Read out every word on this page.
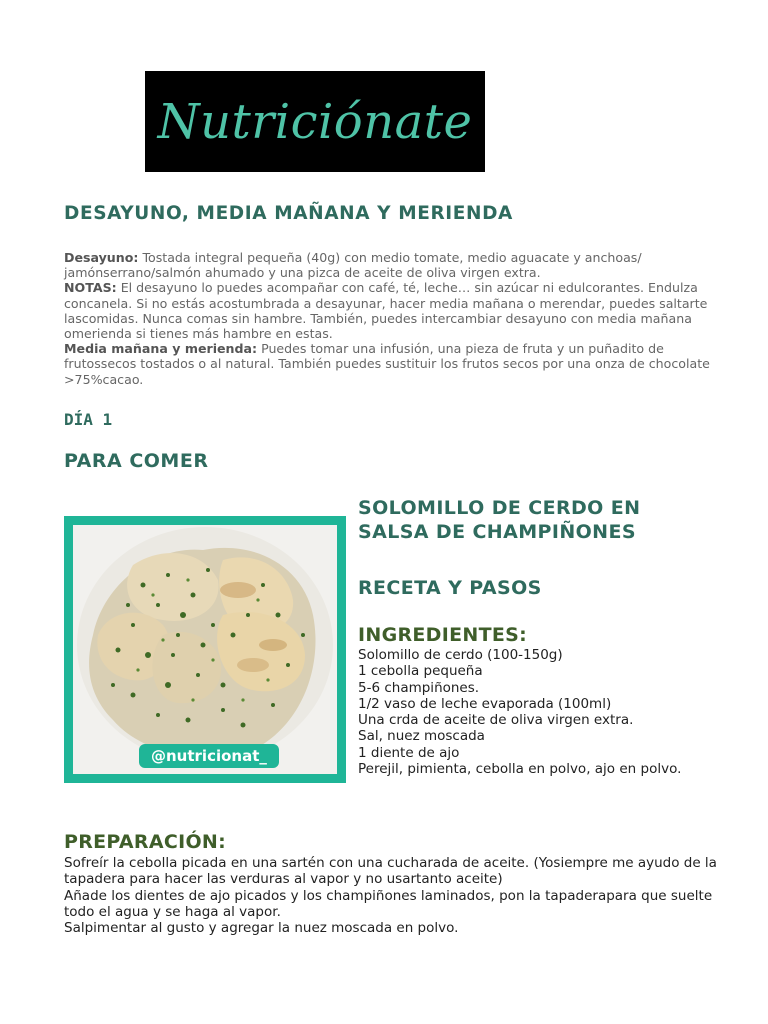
Nutriciónate
DESAYUNO, MEDIA MAÑANA Y MERIENDA
Desayuno: Tostada integral pequeña (40g) con medio tomate, medio aguacate y anchoas/ jamónserrano/salmón ahumado y una pizca de aceite de oliva virgen extra.
NOTAS: El desayuno lo puedes acompañar con café, té, leche… sin azúcar ni edulcorantes. Endulza concanela. Si no estás acostumbrada a desayunar, hacer media mañana o merendar, puedes saltarte lascomidas. Nunca comas sin hambre. También, puedes intercambiar desayuno con media mañana omerienda si tienes más hambre en estas.
Media mañana y merienda: Puedes tomar una infusión, una pieza de fruta y un puñadito de frutossecos tostados o al natural. También puedes sustituir los frutos secos por una onza de chocolate >75%cacao.
DÍA 1
PARA COMER
@nutricionat_
SOLOMILLO DE CERDO EN SALSA DE CHAMPIÑONES
RECETA Y PASOS
INGREDIENTES:
Solomillo de cerdo (100-150g)
1 cebolla pequeña
5-6 champiñones.
1/2 vaso de leche evaporada (100ml)
Una crda de aceite de oliva virgen extra.
Sal, nuez moscada
1 diente de ajo
Perejil, pimienta, cebolla en polvo, ajo en polvo.
PREPARACIÓN:
Sofreír la cebolla picada en una sartén con una cucharada de aceite. (Yosiempre me ayudo de la tapadera para hacer las verduras al vapor y no usartanto aceite)
Añade los dientes de ajo picados y los champiñones laminados, pon la tapaderapara que suelte todo el agua y se haga al vapor.
Salpimentar al gusto y agregar la nuez moscada en polvo.
